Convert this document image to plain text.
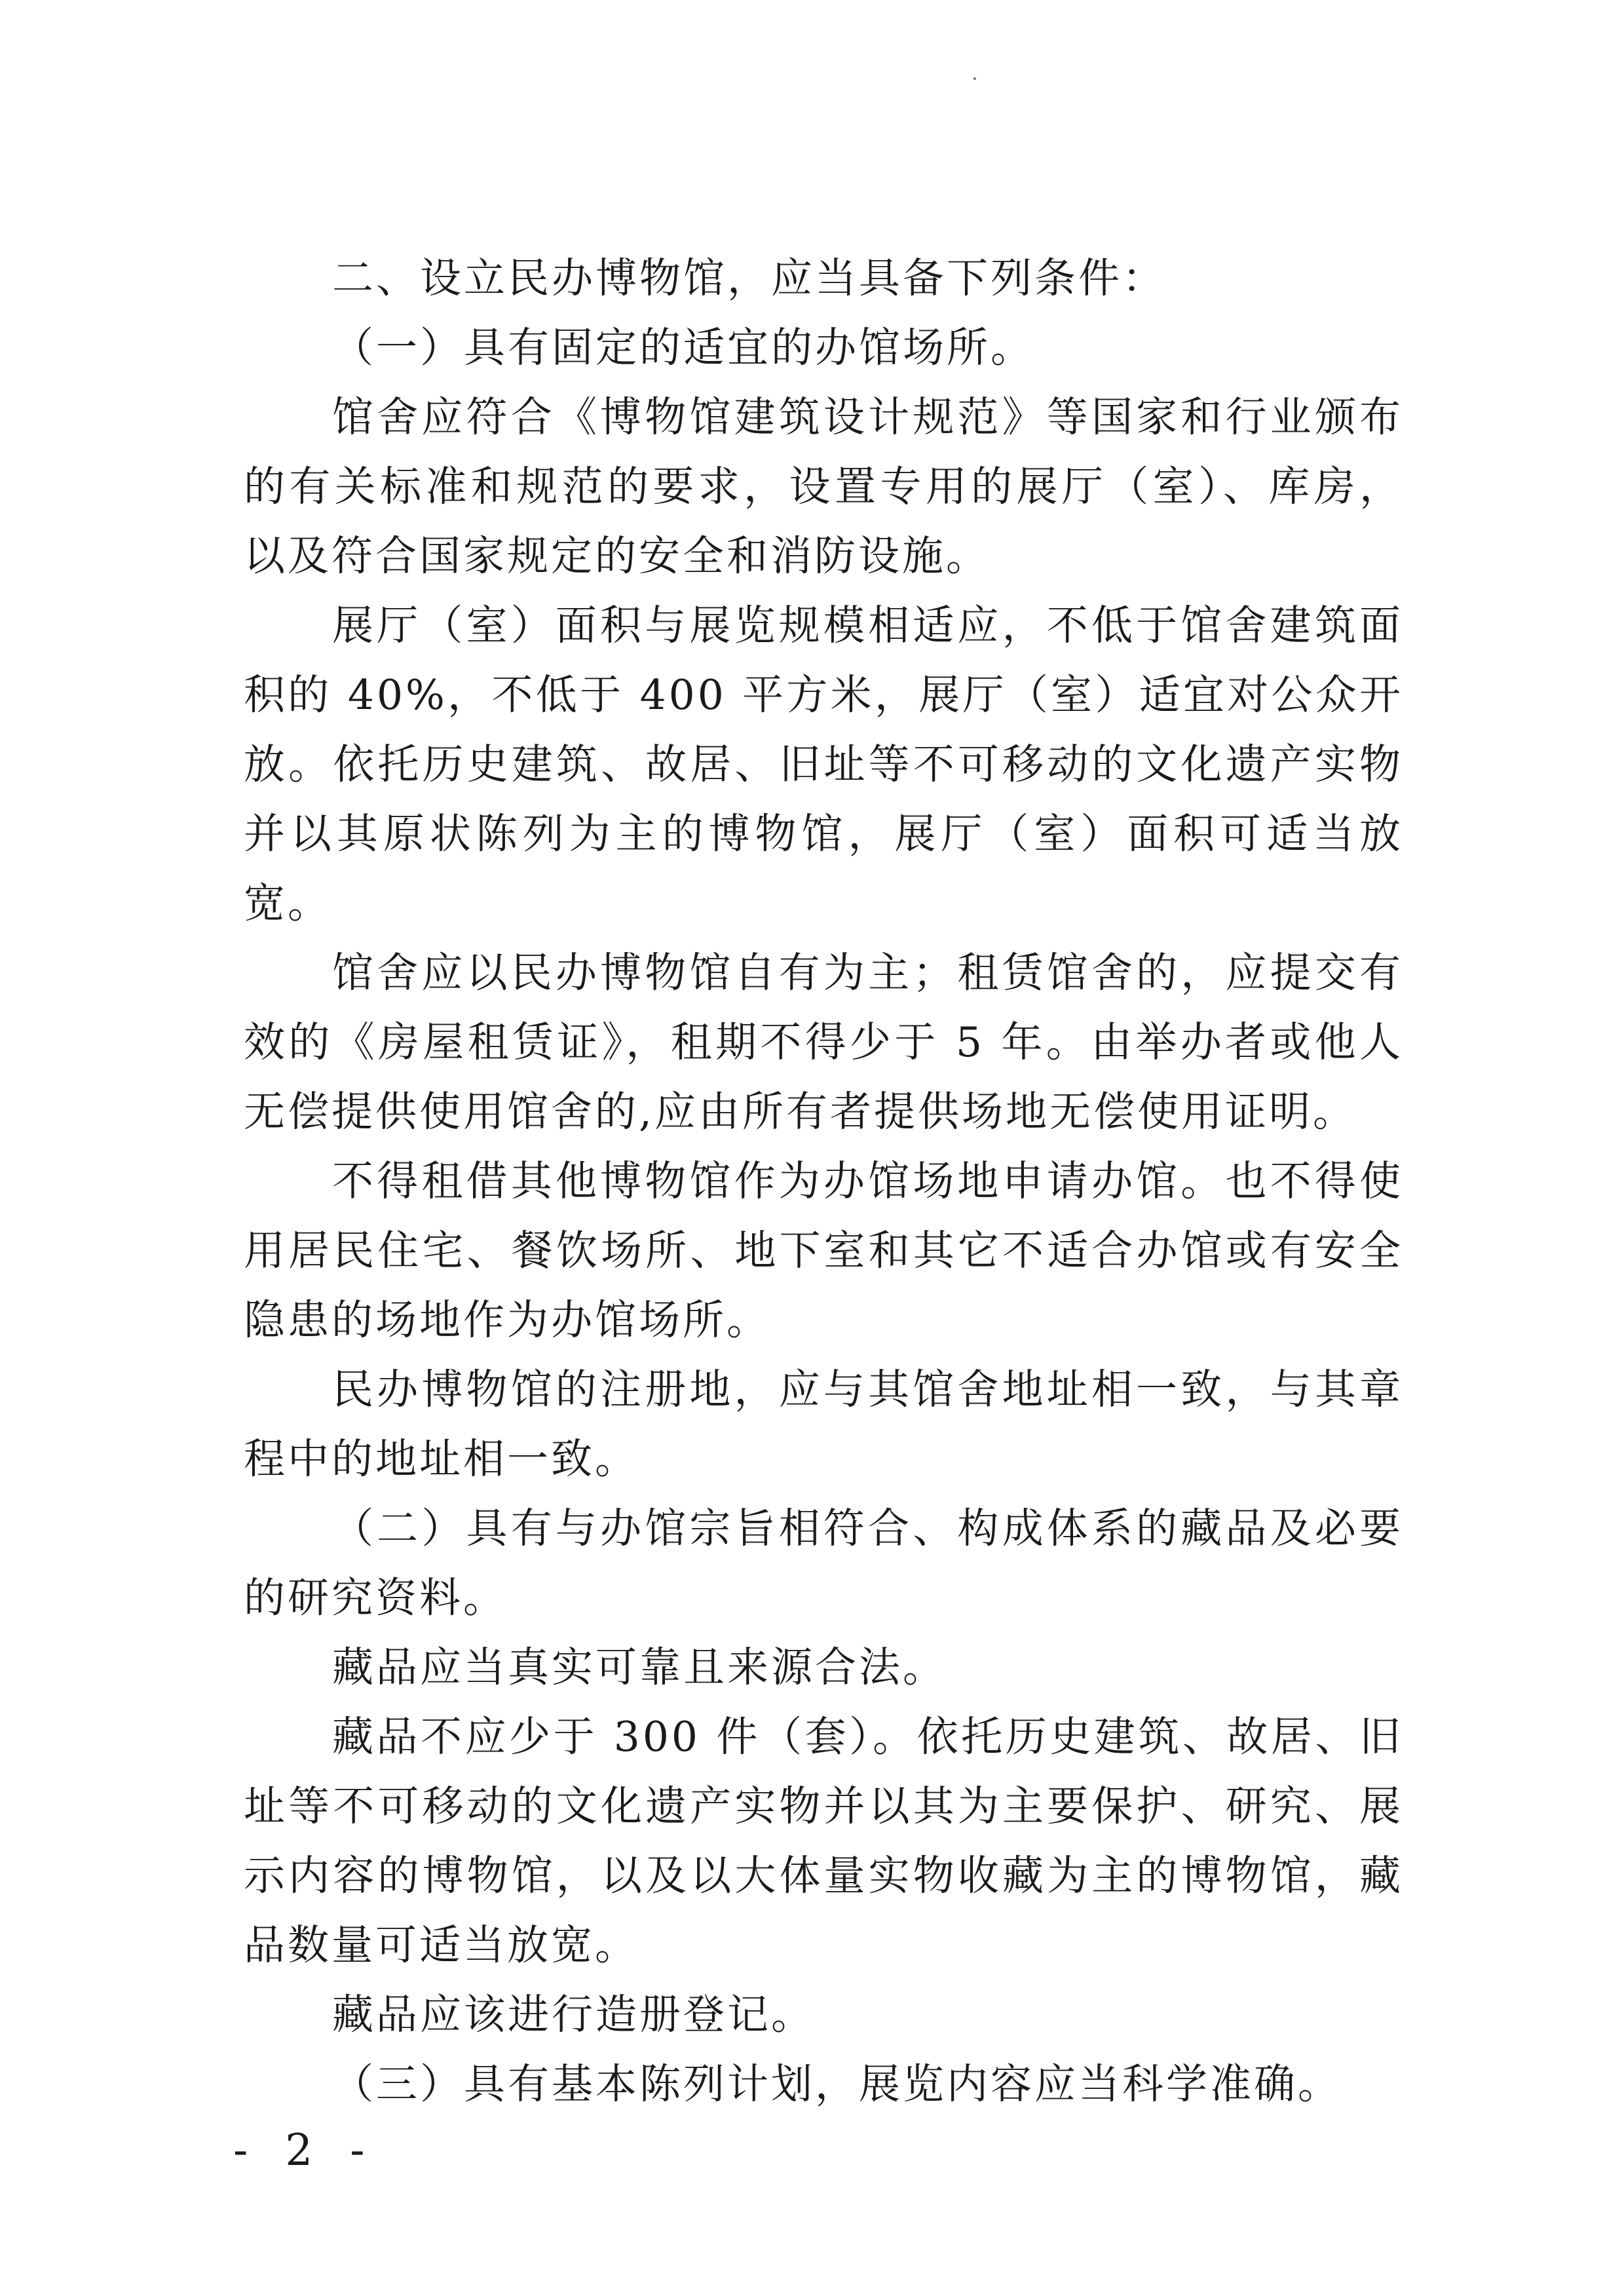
二、设立民办博物馆，应当具备下列条件：

（一）具有固定的适宜的办馆场所。

馆舍应符合《博物馆建筑设计规范》等国家和行业颁布的有关标准和规范的要求，设置专用的展厅（室）、库房，以及符合国家规定的安全和消防设施。

展厅（室）面积与展览规模相适应，不低于馆舍建筑面积的 40%，不低于 400 平方米，展厅（室）适宜对公众开放。依托历史建筑、故居、旧址等不可移动的文化遗产实物并以其原状陈列为主的博物馆，展厅（室）面积可适当放宽。

馆舍应以民办博物馆自有为主；租赁馆舍的，应提交有效的《房屋租赁证》，租期不得少于 5 年。由举办者或他人无偿提供使用馆舍的,应由所有者提供场地无偿使用证明。

不得租借其他博物馆作为办馆场地申请办馆。也不得使用居民住宅、餐饮场所、地下室和其它不适合办馆或有安全隐患的场地作为办馆场所。

民办博物馆的注册地，应与其馆舍地址相一致，与其章程中的地址相一致。

（二）具有与办馆宗旨相符合、构成体系的藏品及必要的研究资料。

藏品应当真实可靠且来源合法。

藏品不应少于 300 件（套）。依托历史建筑、故居、旧址等不可移动的文化遗产实物并以其为主要保护、研究、展示内容的博物馆，以及以大体量实物收藏为主的博物馆，藏品数量可适当放宽。

藏品应该进行造册登记。

（三）具有基本陈列计划，展览内容应当科学准确。

- 2 -
